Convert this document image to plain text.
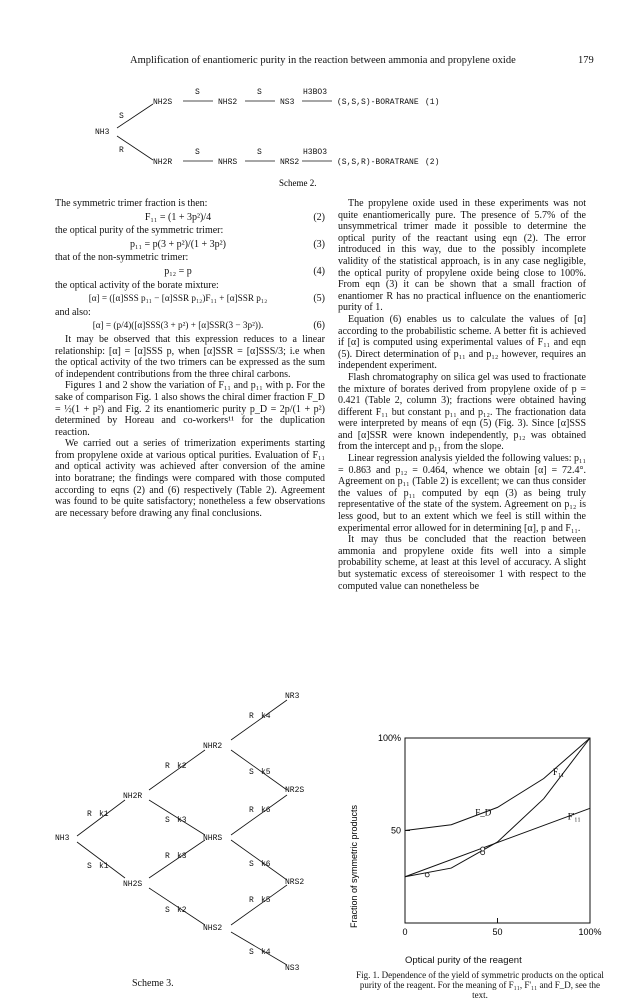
Amplification of enantiomeric purity in the reaction between ammonia and propylene oxide	179
NH3
S
R
NH2S
S
NHS2
S
NS3
H3BO3
(S,S,S)-BORATRANE (1)
NH2R
S
NHRS
S
NRS2
H3BO3
(S,S,R)-BORATRANE (2)
Scheme 2.

The symmetric trimer fraction is then:

F₁₁ = (1 + 3p²)/4	(2)

the optical purity of the symmetric trimer:

p₁₁ = p(3 + p²)/(1 + 3p²)	(3)

that of the non-symmetric trimer:

p₁₂ = p	(4)

the optical activity of the borate mixture:

[α] = ([α]SSS p₁₁ − [α]SSR p₁₂)F₁₁ + [α]SSR p₁₂	(5)

and also:

[α] = (p/4)([α]SSS(3 + p²) + [α]SSR(3 − 3p²)).	(6)

It may be observed that this expression reduces to a linear relationship: [α] = [α]SSS p, when [α]SSR = [α]SSS/3; i.e when the optical activity of the two trimers can be expressed as the sum of independent contributions from the three chiral carbons.

Figures 1 and 2 show the variation of F₁₁ and p₁₁ with p. For the sake of comparison Fig. 1 also shows the chiral dimer fraction F_D = ½(1 + p²) and Fig. 2 its enantiomeric purity p_D = 2p/(1 + p²) determined by Horeau and co-workers¹¹ for the duplication reaction.

We carried out a series of trimerization experiments starting from propylene oxide at various optical purities. Evaluation of F₁₁ and optical activity was achieved after conversion of the amine into boratrane; the findings were compared with those computed according to eqns (2) and (6) respectively (Table 2). Agreement was found to be quite satisfactory; nonetheless a few observations are necessary before drawing any final conclusions.

The propylene oxide used in these experiments was not quite enantiomerically pure. The presence of 5.7% of the unsymmetrical trimer made it possible to determine the optical purity of the reactant using eqn (2). The error introduced in this way, due to the possibly incomplete validity of the statistical approach, is in any case negligible, the optical purity of propylene oxide being close to 100%. From eqn (3) it can be shown that a small fraction of enantiomer R has no practical influence on the enantiomeric purity of 1.

Equation (6) enables us to calculate the values of [α] according to the probabilistic scheme. A better fit is achieved if [α] is computed using experimental values of F₁₁ and eqn (5). Direct determination of p₁₁ and p₁₂ however, requires an independent experiment.

Flash chromatography on silica gel was used to fractionate the mixture of borates derived from propylene oxide of p = 0.421 (Table 2, column 3); fractions were obtained having different F₁₁ but constant p₁₁ and p₁₂. The fractionation data were interpreted by means of eqn (5) (Fig. 3). Since [α]SSS and [α]SSR were known independently, p₁₂ was obtained from the intercept and p₁₁ from the slope.

Linear regression analysis yielded the following values: p₁₁ = 0.863 and p₁₂ = 0.464, whence we obtain [α] = 72.4°. Agreement on p₁₁ (Table 2) is excellent; we can thus consider the values of p₁₁ computed by eqn (3) as being truly representative of the state of the system. Agreement on p₁₂ is less good, but to an extent which we feel is still within the experimental error allowed for in determining [α], p and F₁₁.

It may thus be concluded that the reaction between ammonia and propylene oxide fits well into a simple probability scheme, at least at this level of accuracy. A slight but systematic excess of stereoisomer 1 with respect to the computed value can nonetheless be

NH3
NH2R
NH2S
NHR2
NHRS
NHS2
NR3
NR2S
NRS2
NS3
R k1
S k1
R k2
S k3
R k3
S k2
R k4
S k5
R k6
S k6
R k5
S k4
Scheme 3.
Fraction of symmetric products
100%
50
0	50	100%
F_D
F₁₁
F'₁₁
Optical purity of the reagent
Fig. 1. Dependence of the yield of symmetric products on the optical purity of the reagent. For the meaning of F₁₁, F'₁₁ and F_D, see the text.
